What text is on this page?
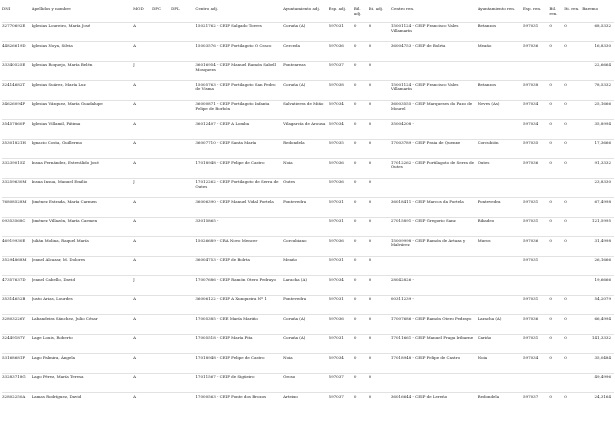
DNI	Apellidos y nombre	MOD	DPC	DPL	Centro adj.	Ayuntamiento adj.	Esp. adj.	Bil. adj.	Iti. adj.	Centro ren.	Ayuntamiento ren.	Esp. ren.	Bil. ren.	Iti. ren.	Baremo
32770692E	Iglesias Loureiro, María José	A			15021762 - CEIP Salgado Torres	Coruña (A)	597031	0	0	15001124 - CEIP Francisco Vales Villamarín	Betanzos	597031	0	0	68,5332
44826619D	Iglesias Noya, Silvia	A			15003576 - CEIP Portilagoto O Craco	Cerceda	597036	0	0	36004753 - CEIP de Bolrta	Meaño	597036	0	0	16,8330
33340525E	Iglesias Roquejo, María Belén	J			36016954 - CEIP Manuel Ramón Sabell Mosquera	Ponteareas	597037	0	0						22,6664
32414682T	Iglesias Suárez, María Luz	A			15005763 - CEIP Portilagoto San Pedro de Visma	Coruña (A)	597038	0	0	15001124 - CEIP Francisco Vales Villamarín	Betanzos	597038	0	0	78,5332
34626094P	Iglesias Vázquez, María Guadalupe	A			36000871 - CEIP Portilagoto Infanta Felipe de Borbón	Salvatierra de Miño	597034	0	0	36003555 - CEIP Marqueses do Pazo de Mourel	Neves (As)	597034	0	0	25,1666
35457860P	Iglesias Villamil, Fátima	A			36012407 - CEIP A Lomba	Vilagarcía de Arousa	597034	0	0	35004208 -		597034	0	0	35,8994
35301821H	Ignacio Costa, Guillermo	A			36007710 - CEIP Santa María	Redondela	597035	0	0	17003789 - CEIP Praia de Quenxe	Corcubión	597035	0	0	17,3666
33239015Z	Insua Fernández, Esteválido José	A			17018948 - CEIP Felipe de Castro	Noia	597036	0	0	17012262 - CEIP Portilagoto de Serra de Outes	Outes	597036	0	0	91,3332
33259630M	Insua Insua, Manuel Emilio	J			17012262 - CEIP Portilagoto de Serra de Outes	Outes	597036	0	0						23,8330
76808528M	Jiménez Estrada, María Carmen	A			36006390 - CEIP Manuel Vidal Portela	Pontevedra	597031	0	0	36018411 - CEIP Marcos da Portela	Pontevedra	597031	0	0	67,4998
09353568C	Jiménez Villazón, María Carmen	A			33015865 -		597031	0	0	27015891 - CEIP Gregorio Sanz	Ribadeo	597031	0	0	121,5995
46919930E	Julián Molina, Raquel María	A			15026689 - CRA Novo Mencer	Corcubiano	597036	0	0	15009998 - CEIP Ramón de Artaza y Malvárez	Muros	597036	0	0	31,4998
35294868M	Jeanel Alcazar, M. Dolores	A			36004753 - CEIP de Bolrta	Meaño	597031	0	0			597031			26,1666
47357637D	Jeanel Cabello, David	J			17007686 - CEIP Ramón Otero Pedrayo	Laracha (A)	597034	0	0	28042826 -					19,6666
35314652B	Justo Arias, Lourdes	A			36006122 - CEIP A Xunqueira Nº 1	Pontevedra	597031	0	0	00311239 -		597031	0	0	54,2079
32803226Y	Labandeira Sánchez, Julio César	A			17005385 - CEE María Mariño	Coruña (A)	597036	0	0	17007686 - CEIP Ramón Otero Pedrayo	Laracha (A)	597036	0	0	66,4994
32449187Y	Lage Louis, Roberto	A			17005518 - CEIP María Pita	Coruña (A)	597031	0	0	17011661 - CEIP Manuel Fraga Iribarne	Cariño	597031	0	0	141,3332
53168681P	Lago Palmira, Ángela	A			17018948 - CEIP Felipe de Castro	Noia	597034	0	0	17018948 - CEIP Felipe de Castro	Noia	597034	0	0	35,0484
33283718G	Lago Pérez, María Teresa	A			17011567 - CEIP de Sigüeiro	Oroso	597037	0	0						49,4996
32802250A	Lamas Rodríguez, David	A			17000563 - CEIP Ponte dos Brozos	Arteixo	597037	0	0	36016644 - CEIP de Lereño	Redondela	597037	0	0	24,3164
